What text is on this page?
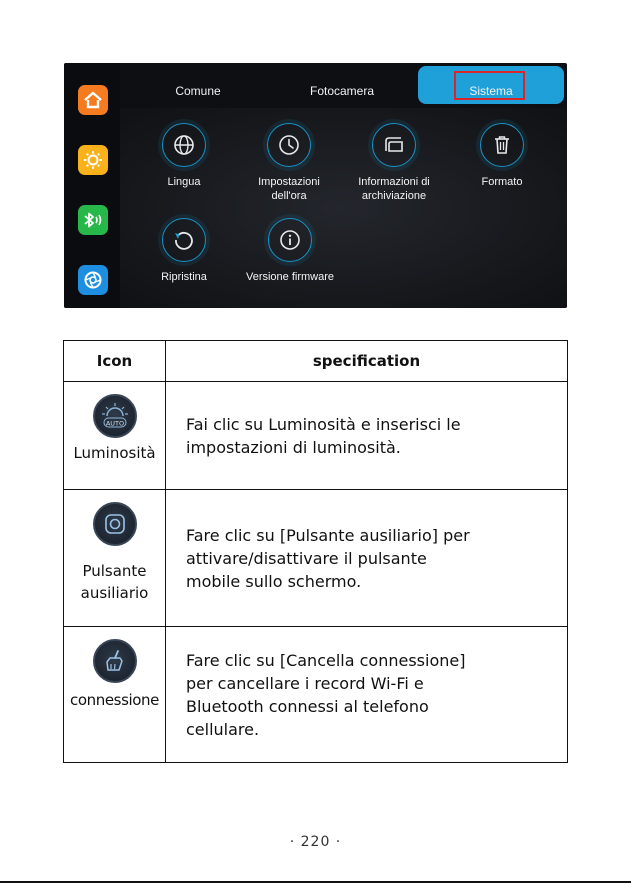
Comune	Fotocamera	Sistema
Lingua	Impostazioni dell'ora
Informazioni di archiviazione
Formato
Ripristina	Versione firmware
Icon	specification

AUTO
Luminosità	Fai clic su Luminosità e inserisci le impostazioni di luminosità.

Pulsante ausiliario	Fare clic su [Pulsante ausiliario] per attivare/disattivare il pulsante mobile sullo schermo.

connessione	Fare clic su [Cancella connessione] per cancellare i record Wi-Fi e Bluetooth connessi al telefono cellulare.
· 220 ·
